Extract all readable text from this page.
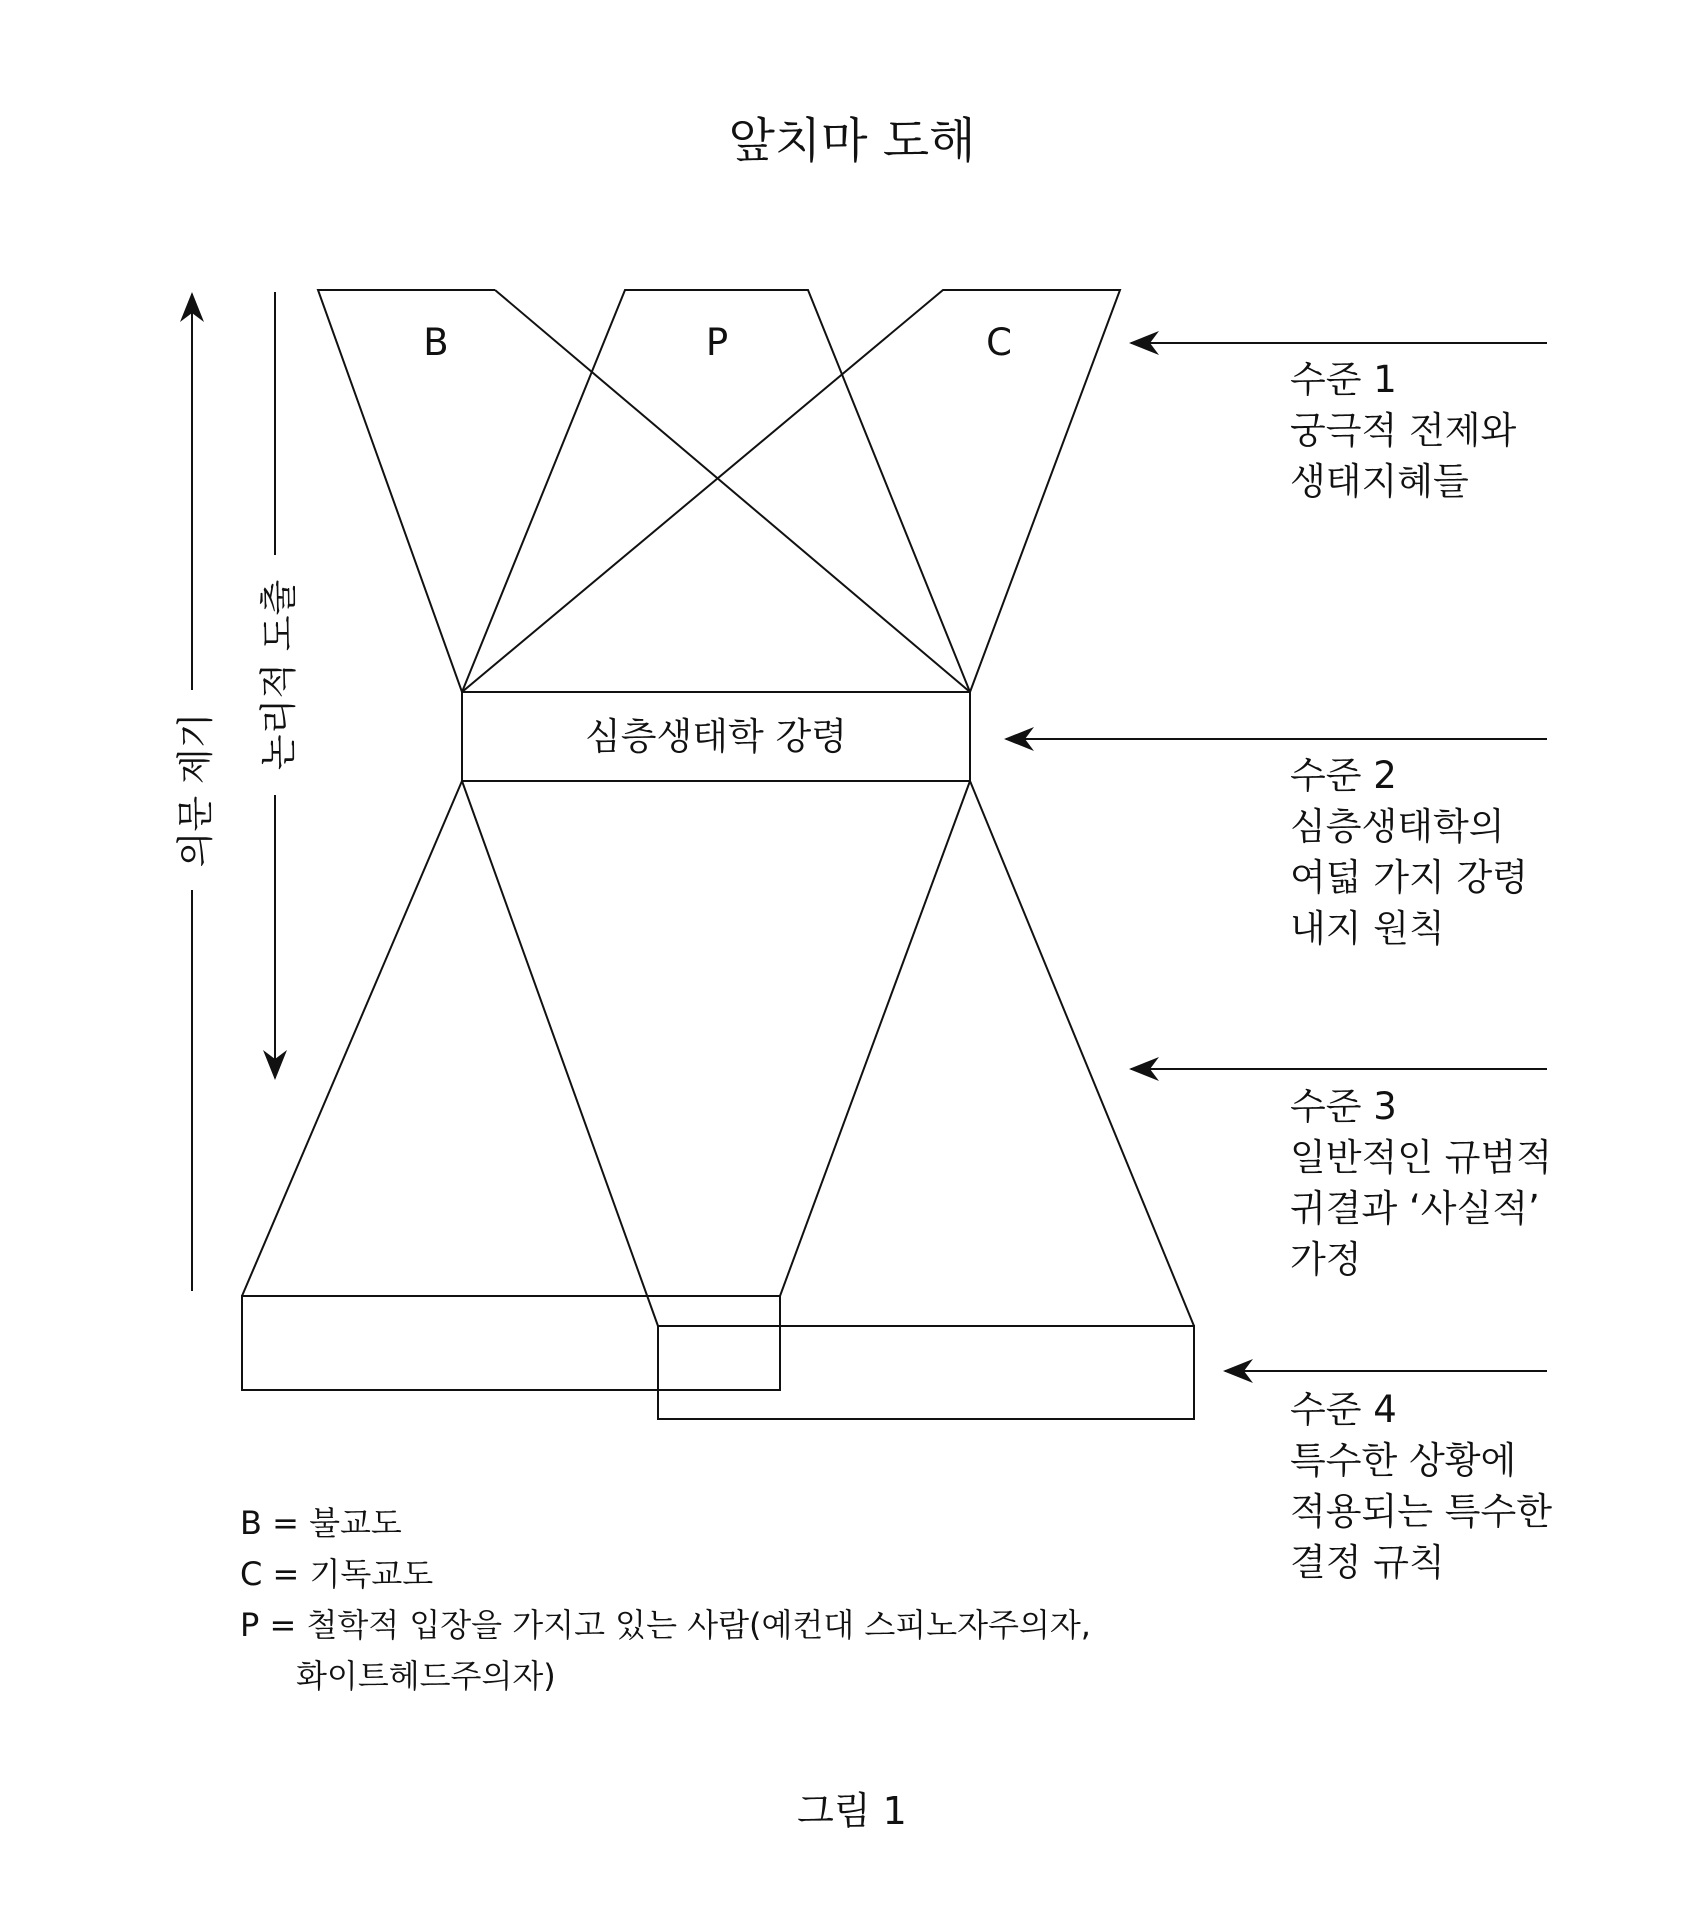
앞치마 도해
B	P	C
심층생태학 강령
의문 제기
논리적 도출
수준 1
궁극적 전제와
생태지혜들
수준 2
심층생태학의
여덟 가지 강령
내지 원칙
수준 3
일반적인 규범적
귀결과 ‘사실적’
가정
수준 4
특수한 상황에
적용되는 특수한
결정 규칙
B = 불교도
C = 기독교도
P = 철학적 입장을 가지고 있는 사람(예컨대 스피노자주의자,
화이트헤드주의자)
그림 1
